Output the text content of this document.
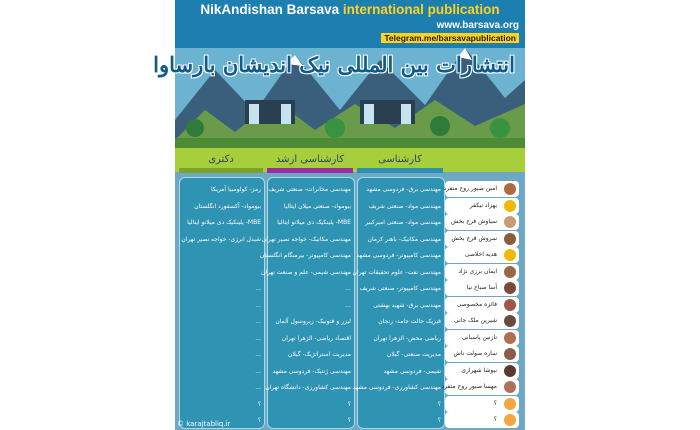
NikAndishan Barsava international publication
www.barsava.org
Telegram.me/barsavapublication
انتشارات بین المللی نیک اندیشان بارساوا
کارشناسی
کارشناسی ارشد
دکتری
امین صبور روح متفرد
مهندسی برق- فردوسی مشهد
مهندسی مخابرات- صنعتی شریف
رمز- کولومبیا آمریکا
بهزاد نیکفر
مهندسی مواد- صنعتی شریف
بیومواد- صنعتی میلان ایتالیا
بیومواد- آکسفورد انگلستان
سیاوش فرج بخش
مهندسی مواد- صنعتی امیرکبیر
MBE- پلینکیک دی میلانو ایتالیا
MBE- پلینکیک دی میلانو ایتالیا
سروش فرج بخش
مهندسی مکانیک- باهنر کرمان
مهندسی مکانیک- خواجه نصیر تهران
شیدل انرژی- خواجه نصیر تهران
هدیه اخلاصی
مهندسی کامپیوتر- فردوسی مشهد
مهندسی کامپیوتر- بیرمنگام انگلستان
ایمان برزی نژاد
مهندسی نفت- علوم تحقیقات تهران
مهندسی شیمی- علم و صنعت تهران
آسا صباح نیا
مهندسی کامپیوتر- صنعتی شریف
...
...
فائزه مخصوصی
مهندسی برق- شهید بهشتی
...
...
شیرین ملک جانی
فیزیک حالت جامد- زنجان
لیزر و فتونیک- زیروسول آلمان
...
نازنین پاسبانی
ریاضی محض- الزهرا تهران
اقتصاد ریاضی- الزهرا تهران
...
ساره صولت ناش
مدیریت صنعتی- گیلان
مدیریت استراتژیک- گیلان
...
نیوشا شهرازی
شیمی- فردوسی مشهد
مهندسی ژنتیک- فردوسی مشهد
...
مهسا صبور روح متفرد
مهندسی کشاورزی- فردوسی مشهد
مهندسی کشاورزی- دانشگاه تهران
...
؟
؟
؟
؟
؟
؟
؟
؟
© karajtabliq.ir
